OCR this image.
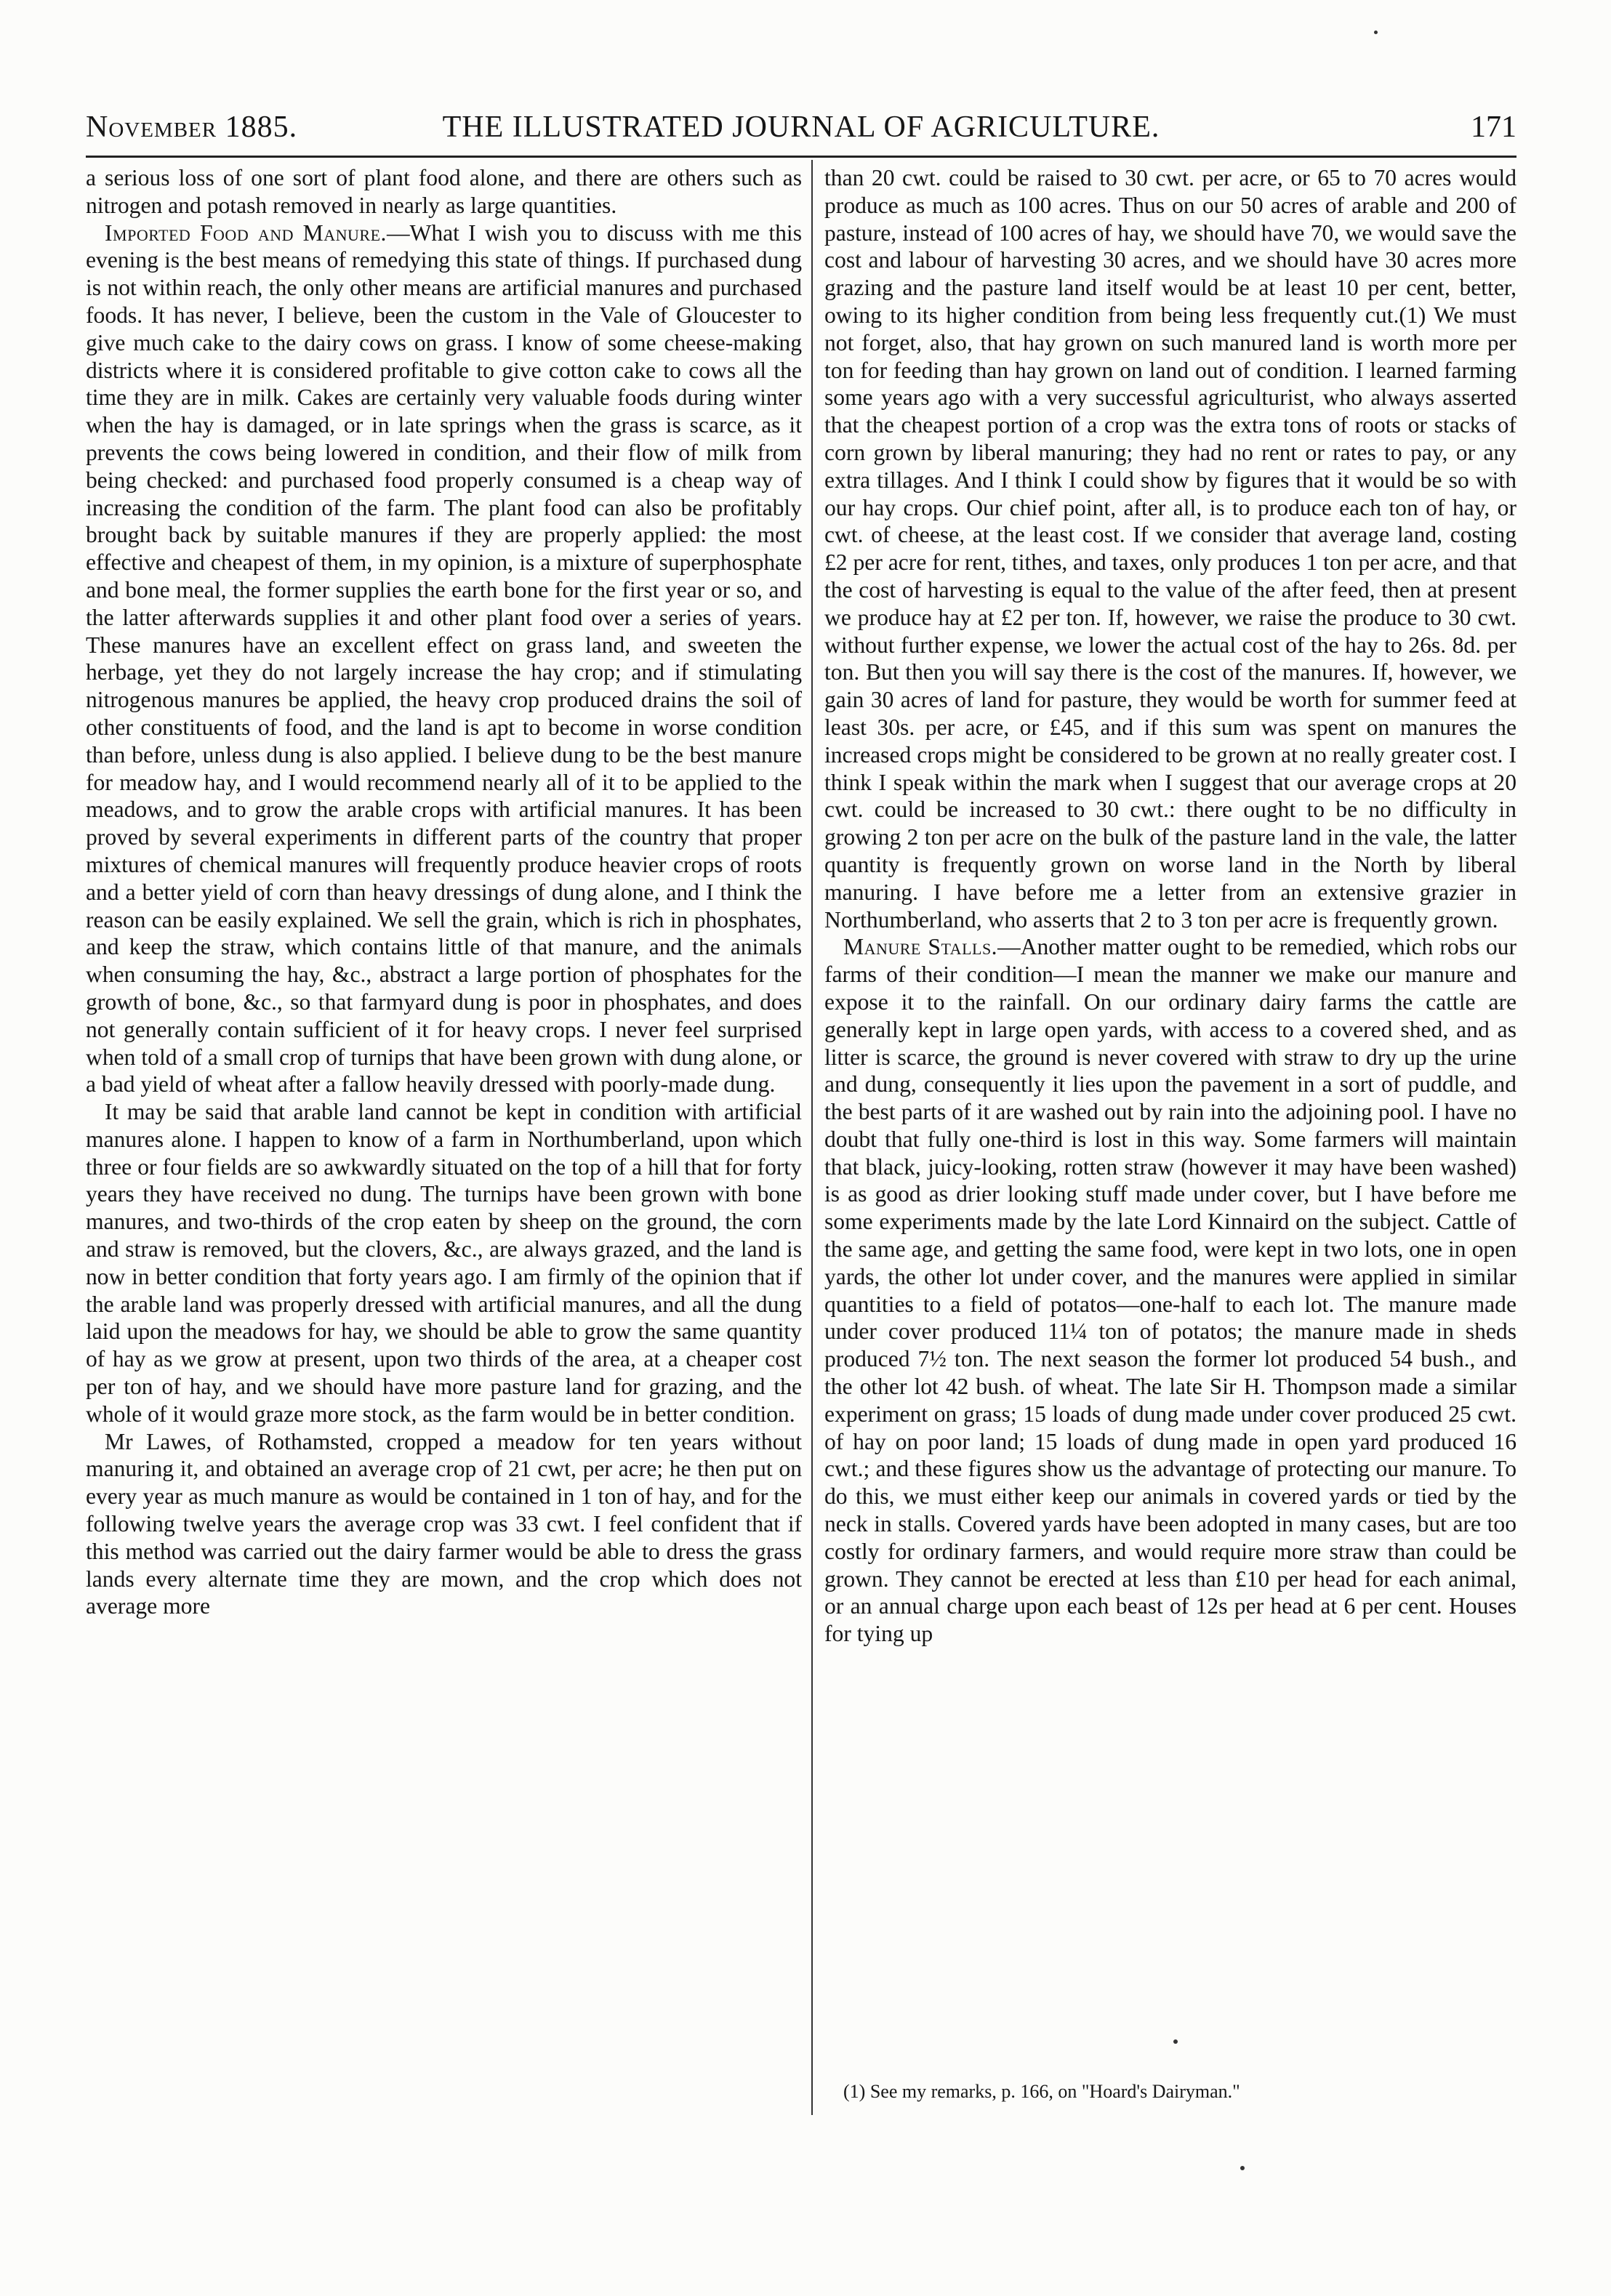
November 1885.	THE ILLUSTRATED JOURNAL OF AGRICULTURE.	171

a serious loss of one sort of plant food alone, and there are others such as nitrogen and potash removed in nearly as large quantities.

Imported Food and Manure.—What I wish you to discuss with me this evening is the best means of remedying this state of things. If purchased dung is not within reach, the only other means are artificial manures and purchased foods. It has never, I believe, been the custom in the Vale of Gloucester to give much cake to the dairy cows on grass. I know of some cheese-making districts where it is considered profitable to give cotton cake to cows all the time they are in milk. Cakes are certainly very valuable foods during winter when the hay is damaged, or in late springs when the grass is scarce, as it prevents the cows being lowered in condition, and their flow of milk from being checked: and purchased food properly consumed is a cheap way of increasing the condition of the farm. The plant food can also be profitably brought back by suitable manures if they are properly applied: the most effective and cheapest of them, in my opinion, is a mixture of superphosphate and bone meal, the former supplies the earth bone for the first year or so, and the latter afterwards supplies it and other plant food over a series of years. These manures have an excellent effect on grass land, and sweeten the herbage, yet they do not largely increase the hay crop; and if stimulating nitrogenous manures be applied, the heavy crop produced drains the soil of other constituents of food, and the land is apt to become in worse condition than before, unless dung is also applied. I believe dung to be the best manure for meadow hay, and I would recommend nearly all of it to be applied to the meadows, and to grow the arable crops with artificial manures. It has been proved by several experiments in different parts of the country that proper mixtures of chemical manures will frequently produce heavier crops of roots and a better yield of corn than heavy dressings of dung alone, and I think the reason can be easily explained. We sell the grain, which is rich in phosphates, and keep the straw, which contains little of that manure, and the animals when consuming the hay, &c., abstract a large portion of phosphates for the growth of bone, &c., so that farmyard dung is poor in phosphates, and does not generally contain sufficient of it for heavy crops. I never feel surprised when told of a small crop of turnips that have been grown with dung alone, or a bad yield of wheat after a fallow heavily dressed with poorly-made dung.

It may be said that arable land cannot be kept in condition with artificial manures alone. I happen to know of a farm in Northumberland, upon which three or four fields are so awkwardly situated on the top of a hill that for forty years they have received no dung. The turnips have been grown with bone manures, and two-thirds of the crop eaten by sheep on the ground, the corn and straw is removed, but the clovers, &c., are always grazed, and the land is now in better condition that forty years ago. I am firmly of the opinion that if the arable land was properly dressed with artificial manures, and all the dung laid upon the meadows for hay, we should be able to grow the same quantity of hay as we grow at present, upon two thirds of the area, at a cheaper cost per ton of hay, and we should have more pasture land for grazing, and the whole of it would graze more stock, as the farm would be in better condition.

Mr Lawes, of Rothamsted, cropped a meadow for ten years without manuring it, and obtained an average crop of 21 cwt, per acre; he then put on every year as much manure as would be contained in 1 ton of hay, and for the following twelve years the average crop was 33 cwt. I feel confident that if this method was carried out the dairy farmer would be able to dress the grass lands every alternate time they are mown, and the crop which does not average more

than 20 cwt. could be raised to 30 cwt. per acre, or 65 to 70 acres would produce as much as 100 acres. Thus on our 50 acres of arable and 200 of pasture, instead of 100 acres of hay, we should have 70, we would save the cost and labour of harvesting 30 acres, and we should have 30 acres more grazing and the pasture land itself would be at least 10 per cent, better, owing to its higher condition from being less frequently cut.(1) We must not forget, also, that hay grown on such manured land is worth more per ton for feeding than hay grown on land out of condition. I learned farming some years ago with a very successful agriculturist, who always asserted that the cheapest portion of a crop was the extra tons of roots or stacks of corn grown by liberal manuring; they had no rent or rates to pay, or any extra tillages. And I think I could show by figures that it would be so with our hay crops. Our chief point, after all, is to produce each ton of hay, or cwt. of cheese, at the least cost. If we consider that average land, costing £2 per acre for rent, tithes, and taxes, only produces 1 ton per acre, and that the cost of harvesting is equal to the value of the after feed, then at present we produce hay at £2 per ton. If, however, we raise the produce to 30 cwt. without further expense, we lower the actual cost of the hay to 26s. 8d. per ton. But then you will say there is the cost of the manures. If, however, we gain 30 acres of land for pasture, they would be worth for summer feed at least 30s. per acre, or £45, and if this sum was spent on manures the increased crops might be considered to be grown at no really greater cost. I think I speak within the mark when I suggest that our average crops at 20 cwt. could be increased to 30 cwt.: there ought to be no difficulty in growing 2 ton per acre on the bulk of the pasture land in the vale, the latter quantity is frequently grown on worse land in the North by liberal manuring. I have before me a letter from an extensive grazier in Northumberland, who asserts that 2 to 3 ton per acre is frequently grown.

Manure Stalls.—Another matter ought to be remedied, which robs our farms of their condition—I mean the manner we make our manure and expose it to the rainfall. On our ordinary dairy farms the cattle are generally kept in large open yards, with access to a covered shed, and as litter is scarce, the ground is never covered with straw to dry up the urine and dung, consequently it lies upon the pavement in a sort of puddle, and the best parts of it are washed out by rain into the adjoining pool. I have no doubt that fully one-third is lost in this way. Some farmers will maintain that black, juicy-looking, rotten straw (however it may have been washed) is as good as drier looking stuff made under cover, but I have before me some experiments made by the late Lord Kinnaird on the subject. Cattle of the same age, and getting the same food, were kept in two lots, one in open yards, the other lot under cover, and the manures were applied in similar quantities to a field of potatos—one-half to each lot. The manure made under cover produced 11¼ ton of potatos; the manure made in sheds produced 7½ ton. The next season the former lot produced 54 bush., and the other lot 42 bush. of wheat. The late Sir H. Thompson made a similar experiment on grass; 15 loads of dung made under cover produced 25 cwt. of hay on poor land; 15 loads of dung made in open yard produced 16 cwt.; and these figures show us the advantage of protecting our manure. To do this, we must either keep our animals in covered yards or tied by the neck in stalls. Covered yards have been adopted in many cases, but are too costly for ordinary farmers, and would require more straw than could be grown. They cannot be erected at less than £10 per head for each animal, or an annual charge upon each beast of 12s per head at 6 per cent. Houses for tying up

(1) See my remarks, p. 166, on "Hoard's Dairyman."
